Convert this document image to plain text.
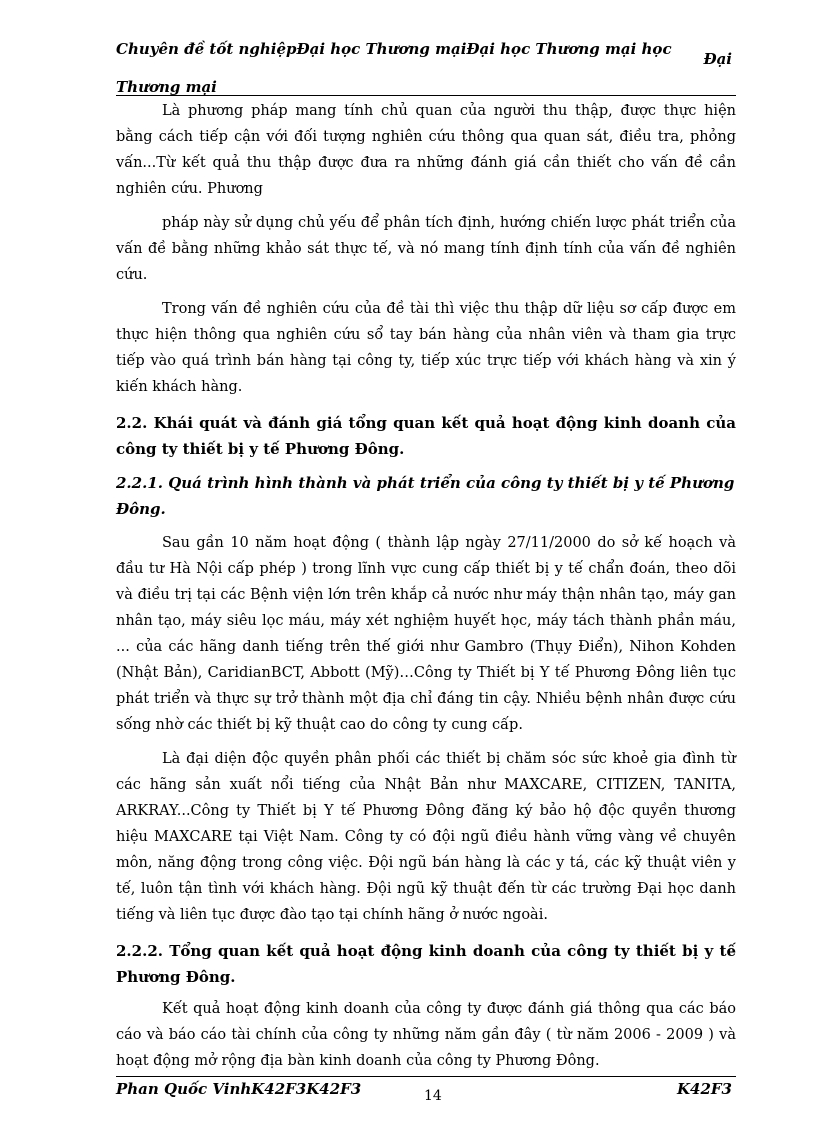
Chuyên đề tốt nghiệpĐại học Thương mạiĐại học Thương mại học Thương mại
Đại

Là phương pháp mang tính chủ quan của người thu thập, được thực hiện bằng cách tiếp cận với đối tượng nghiên cứu thông qua quan sát, điều tra, phỏng vấn...Từ kết quả thu thập được đưa ra những đánh giá cần thiết cho vấn đề cần nghiên cứu. Phương

pháp này sử dụng chủ yếu để phân tích định, hướng chiến lược phát triển của vấn đề bằng những khảo sát thực tế, và nó mang tính định tính của vấn đề nghiên cứu.

Trong vấn đề nghiên cứu của đề tài thì việc thu thập dữ liệu sơ cấp được em thực hiện thông qua nghiên cứu sổ tay bán hàng của nhân viên và tham gia trực tiếp vào quá trình bán hàng tại công ty, tiếp xúc trực tiếp với khách hàng và xin ý kiến khách hàng.

2.2. Khái quát và đánh giá tổng quan kết quả hoạt động kinh doanh của công ty thiết bị y tế Phương Đông.
2.2.1. Quá trình hình thành và phát triển của công ty thiết bị y tế Phương Đông.

Sau gần 10 năm hoạt động ( thành lập ngày 27/11/2000 do sở kế hoạch và đầu tư Hà Nội cấp phép ) trong lĩnh vực cung cấp thiết bị y tế chẩn đoán, theo dõi và điều trị tại các Bệnh viện lớn trên khắp cả nước như máy thận nhân tạo, máy gan nhân tạo, máy siêu lọc máu, máy xét nghiệm huyết học, máy tách thành phần máu, ... của các hãng danh tiếng trên thế giới như Gambro (Thụy Điển), Nihon Kohden (Nhật Bản), CaridianBCT, Abbott (Mỹ)…Công ty Thiết bị Y tế Phương Đông liên tục phát triển và thực sự trở thành một địa chỉ đáng tin cậy. Nhiều bệnh nhân được cứu sống nhờ các thiết bị kỹ thuật cao do công ty cung cấp.

Là đại diện độc quyền phân phối các thiết bị chăm sóc sức khoẻ gia đình từ các hãng sản xuất nổi tiếng của Nhật Bản như MAXCARE, CITIZEN, TANITA, ARKRAY...Công ty Thiết bị Y tế Phương Đông đăng ký bảo hộ độc quyền thương hiệu MAXCARE tại Việt Nam. Công ty có đội ngũ điều hành vững vàng về chuyên môn, năng động trong công việc. Đội ngũ bán hàng là các y tá, các kỹ thuật viên y tế, luôn tận tình với khách hàng. Đội ngũ kỹ thuật đến từ các trường Đại học danh tiếng và liên tục được đào tạo tại chính hãng ở nước ngoài.

2.2.2. Tổng quan kết quả hoạt động kinh doanh của công ty thiết bị y tế Phương Đông.

Kết quả hoạt động kinh doanh của công ty được đánh giá thông qua các báo cáo và báo cáo tài chính của công ty những năm gần đây ( từ năm 2006 - 2009 ) và hoạt động mở rộng địa bàn kinh doanh của công ty Phương Đông.

Phan Quốc VinhK42F3K42F3	14	K42F3
